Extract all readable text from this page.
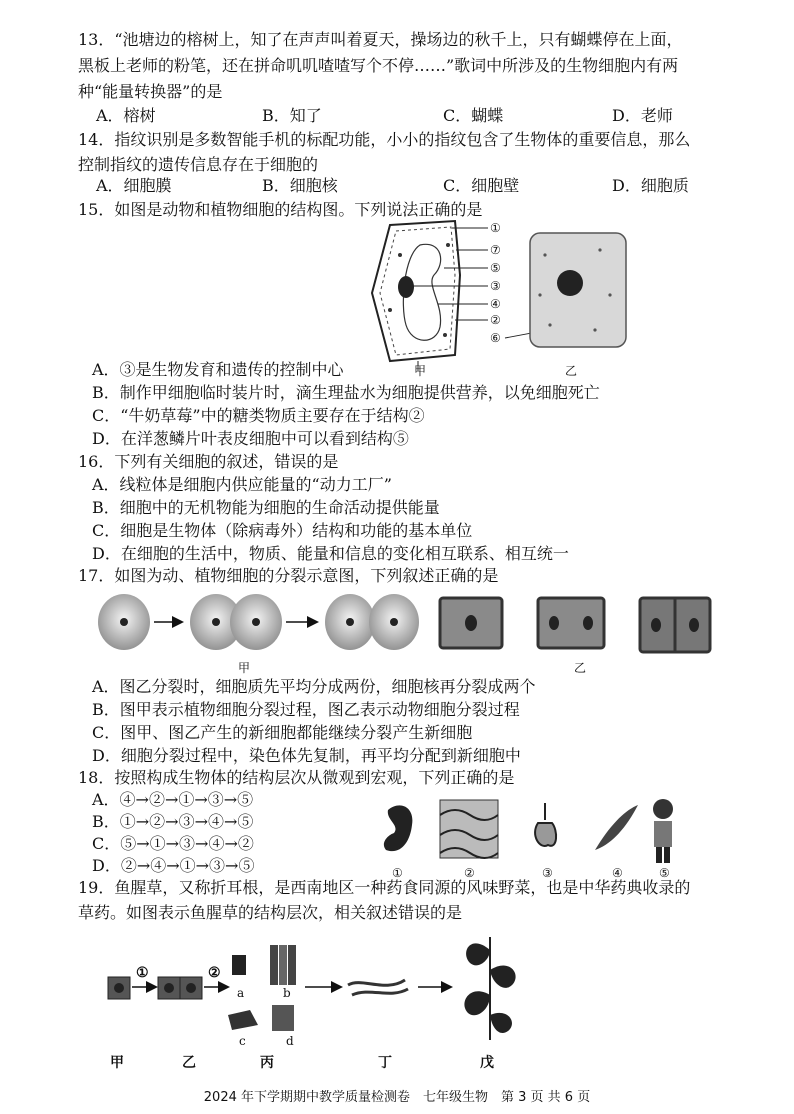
13．“池塘边的榕树上，知了在声声叫着夏天，操场边的秋千上，只有蝴蝶停在上面，
黑板上老师的粉笔，还在拼命叽叽喳喳写个不停……”歌词中所涉及的生物细胞内有两
种“能量转换器”的是
A．榕树	B．知了	C．蝴蝶	D．老师
14．指纹识别是多数智能手机的标配功能，小小的指纹包含了生物体的重要信息，那么
控制指纹的遗传信息存在于细胞的
A．细胞膜	B．细胞核	C．细胞壁	D．细胞质
15．如图是动物和植物细胞的结构图。下列说法正确的是
①
⑦
⑤
③
④
②
⑥
甲	乙
A．③是生物发育和遗传的控制中心
B．制作甲细胞临时装片时，滴生理盐水为细胞提供营养，以免细胞死亡
C．“牛奶草莓”中的糖类物质主要存在于结构②
D．在洋葱鳞片叶表皮细胞中可以看到结构⑤
16．下列有关细胞的叙述，错误的是
A．线粒体是细胞内供应能量的“动力工厂”
B．细胞中的无机物能为细胞的生命活动提供能量
C．细胞是生物体（除病毒外）结构和功能的基本单位
D．在细胞的生活中，物质、能量和信息的变化相互联系、相互统一
17．如图为动、植物细胞的分裂示意图，下列叙述正确的是
甲	乙
A．图乙分裂时，细胞质先平均分成两份，细胞核再分裂成两个
B．图甲表示植物细胞分裂过程，图乙表示动物细胞分裂过程
C．图甲、图乙产生的新细胞都能继续分裂产生新细胞
D．细胞分裂过程中，染色体先复制，再平均分配到新细胞中
18．按照构成生物体的结构层次从微观到宏观，下列正确的是
A．④→②→①→③→⑤
B．①→②→③→④→⑤
C．⑤→①→③→④→②
D．②→④→①→③→⑤	①	②	③	④	⑤
19．鱼腥草，又称折耳根，是西南地区一种药食同源的风味野菜，也是中华药典收录的
草药。如图表示鱼腥草的结构层次，相关叙述错误的是
①	②
a	b
c	d
甲	乙	丙	丁	戊
2024 年下学期期中教学质量检测卷　七年级生物　第 3 页 共 6 页
